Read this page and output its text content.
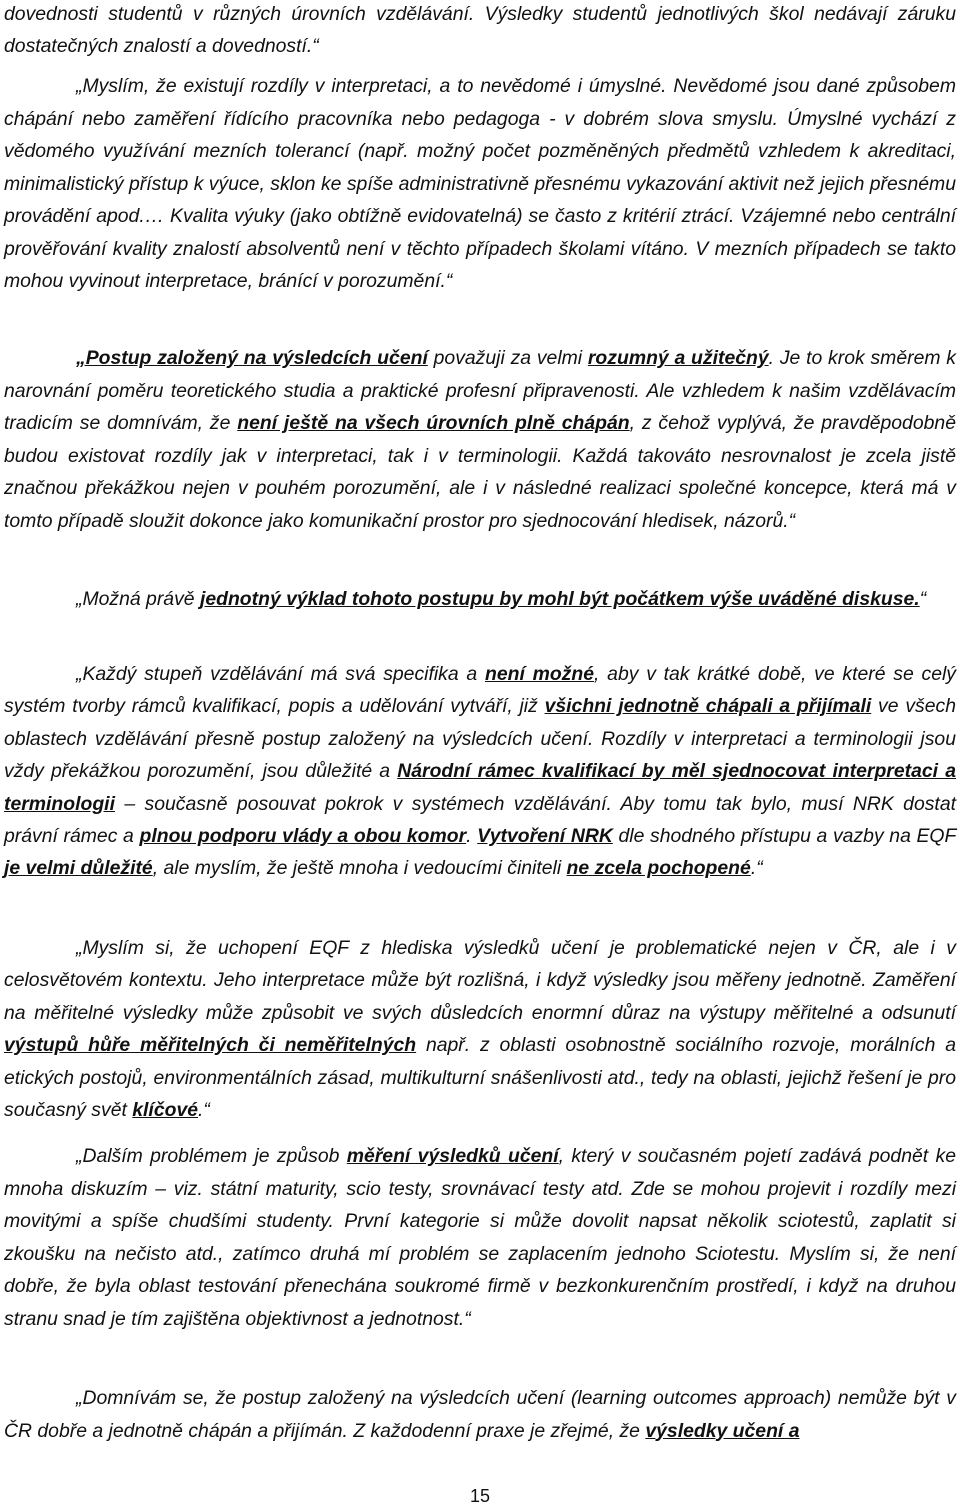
dovednosti studentů v různých úrovních vzdělávání. Výsledky studentů jednotlivých škol nedávají záruku dostatečných znalostí a dovedností.“

„Myslím, že existují rozdíly v interpretaci, a to nevědomé i úmyslné. Nevědomé jsou dané způsobem chápání nebo zaměření řídícího pracovníka nebo pedagoga - v dobrém slova smyslu. Úmyslné vychází z vědomého využívání mezních tolerancí (např. možný počet pozměněných předmětů vzhledem k akreditaci, minimalistický přístup k výuce, sklon ke spíše administrativně přesnému vykazování aktivit než jejich přesnému provádění apod.… Kvalita výuky (jako obtížně evidovatelná) se často z kritérií ztrácí. Vzájemné nebo centrální prověřování kvality znalostí absolventů není v těchto případech školami vítáno. V mezních případech se takto mohou vyvinout interpretace, bránící v porozumění.“

„Postup založený na výsledcích učení považuji za velmi rozumný a užitečný. Je to krok směrem k narovnání poměru teoretického studia a praktické profesní připravenosti. Ale vzhledem k našim vzdělávacím tradicím se domnívám, že není ještě na všech úrovních plně chápán, z čehož vyplývá, že pravděpodobně budou existovat rozdíly jak v interpretaci, tak i v terminologii. Každá takováto nesrovnalost je zcela jistě značnou překážkou nejen v pouhém porozumění, ale i v následné realizaci společné koncepce, která má v tomto případě sloužit dokonce jako komunikační prostor pro sjednocování hledisek, názorů.“

„Možná právě jednotný výklad tohoto postupu by mohl být počátkem výše uváděné diskuse.“

„Každý stupeň vzdělávání má svá specifika a není možné, aby v tak krátké době, ve které se celý systém tvorby rámců kvalifikací, popis a udělování vytváří, již všichni jednotně chápali a přijímali ve všech oblastech vzdělávání přesně postup založený na výsledcích učení. Rozdíly v interpretaci a terminologii jsou vždy překážkou porozumění, jsou důležité a Národní rámec kvalifikací by měl sjednocovat interpretaci a terminologii – současně posouvat pokrok v systémech vzdělávání. Aby tomu tak bylo, musí NRK dostat právní rámec a plnou podporu vlády a obou komor. Vytvoření NRK dle shodného přístupu a vazby na EQF je velmi důležité, ale myslím, že ještě mnoha i vedoucími činiteli ne zcela pochopené.“

„Myslím si, že uchopení EQF z hlediska výsledků učení je problematické nejen v ČR, ale i v celosvětovém kontextu. Jeho interpretace může být rozlišná, i když výsledky jsou měřeny jednotně. Zaměření na měřitelné výsledky může způsobit ve svých důsledcích enormní důraz na výstupy měřitelné a odsunutí výstupů hůře měřitelných či neměřitelných např. z oblasti osobnostně sociálního rozvoje, morálních a etických postojů, environmentálních zásad, multikulturní snášenlivosti atd., tedy na oblasti, jejichž řešení je pro současný svět klíčové.“

„Dalším problémem je způsob měření výsledků učení, který v současném pojetí zadává podnět ke mnoha diskuzím – viz. státní maturity, scio testy, srovnávací testy atd. Zde se mohou projevit i rozdíly mezi movitými a spíše chudšími studenty. První kategorie si může dovolit napsat několik sciotestů, zaplatit si zkoušku na nečisto atd., zatímco druhá mí problém se zaplacením jednoho Sciotestu. Myslím si, že není dobře, že byla oblast testování přenechána soukromé firmě v bezkonkurenčním prostředí, i když na druhou stranu snad je tím zajištěna objektivnost a jednotnost.“

„Domnívám se, že postup založený na výsledcích učení (learning outcomes approach) nemůže být v ČR dobře a jednotně chápán a přijímán. Z každodenní praxe je zřejmé, že výsledky učení a

15
